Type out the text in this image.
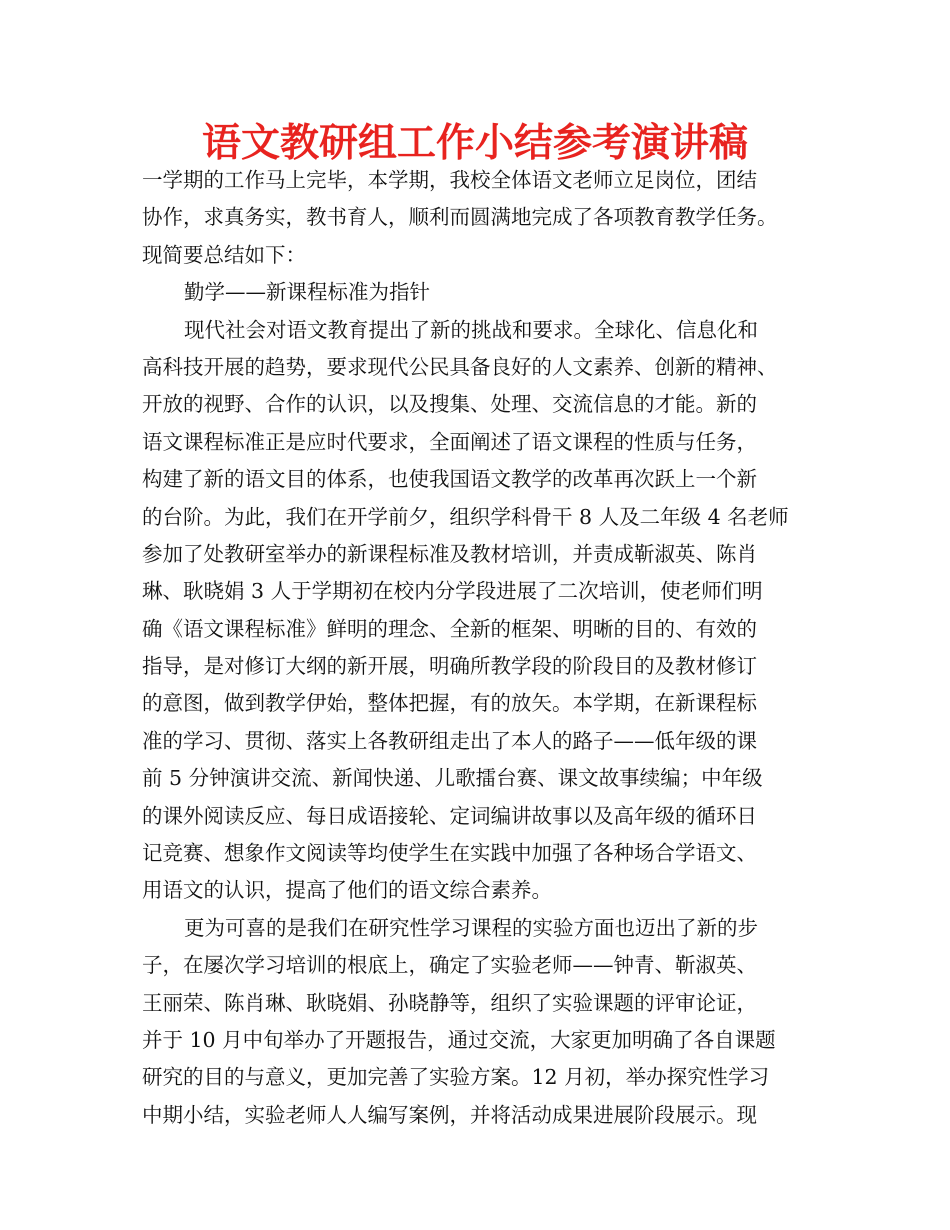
语文教研组工作小结参考演讲稿
一学期的工作马上完毕，本学期，我校全体语文老师立足岗位，团结
协作，求真务实，教书育人，顺利而圆满地完成了各项教育教学任务。
现简要总结如下：
勤学——新课程标准为指针
现代社会对语文教育提出了新的挑战和要求。全球化、信息化和
高科技开展的趋势，要求现代公民具备良好的人文素养、创新的精神、
开放的视野、合作的认识，以及搜集、处理、交流信息的才能。新的
语文课程标准正是应时代要求，全面阐述了语文课程的性质与任务，
构建了新的语文目的体系，也使我国语文教学的改革再次跃上一个新
的台阶。为此，我们在开学前夕，组织学科骨干 8 人及二年级 4 名老师
参加了处教研室举办的新课程标准及教材培训，并责成靳淑英、陈肖
琳、耿晓娟 3 人于学期初在校内分学段进展了二次培训，使老师们明
确《语文课程标准》鲜明的理念、全新的框架、明晰的目的、有效的
指导，是对修订大纲的新开展，明确所教学段的阶段目的及教材修订
的意图，做到教学伊始，整体把握，有的放矢。本学期，在新课程标
准的学习、贯彻、落实上各教研组走出了本人的路子——低年级的课
前 5 分钟演讲交流、新闻快递、儿歌擂台赛、课文故事续编；中年级
的课外阅读反应、每日成语接轮、定词编讲故事以及高年级的循环日
记竞赛、想象作文阅读等均使学生在实践中加强了各种场合学语文、
用语文的认识，提高了他们的语文综合素养。
更为可喜的是我们在研究性学习课程的实验方面也迈出了新的步
子，在屡次学习培训的根底上，确定了实验老师——钟青、靳淑英、
王丽荣、陈肖琳、耿晓娟、孙晓静等，组织了实验课题的评审论证，
并于 10 月中旬举办了开题报告，通过交流，大家更加明确了各自课题
研究的目的与意义，更加完善了实验方案。12 月初，举办探究性学习
中期小结，实验老师人人编写案例，并将活动成果进展阶段展示。现
